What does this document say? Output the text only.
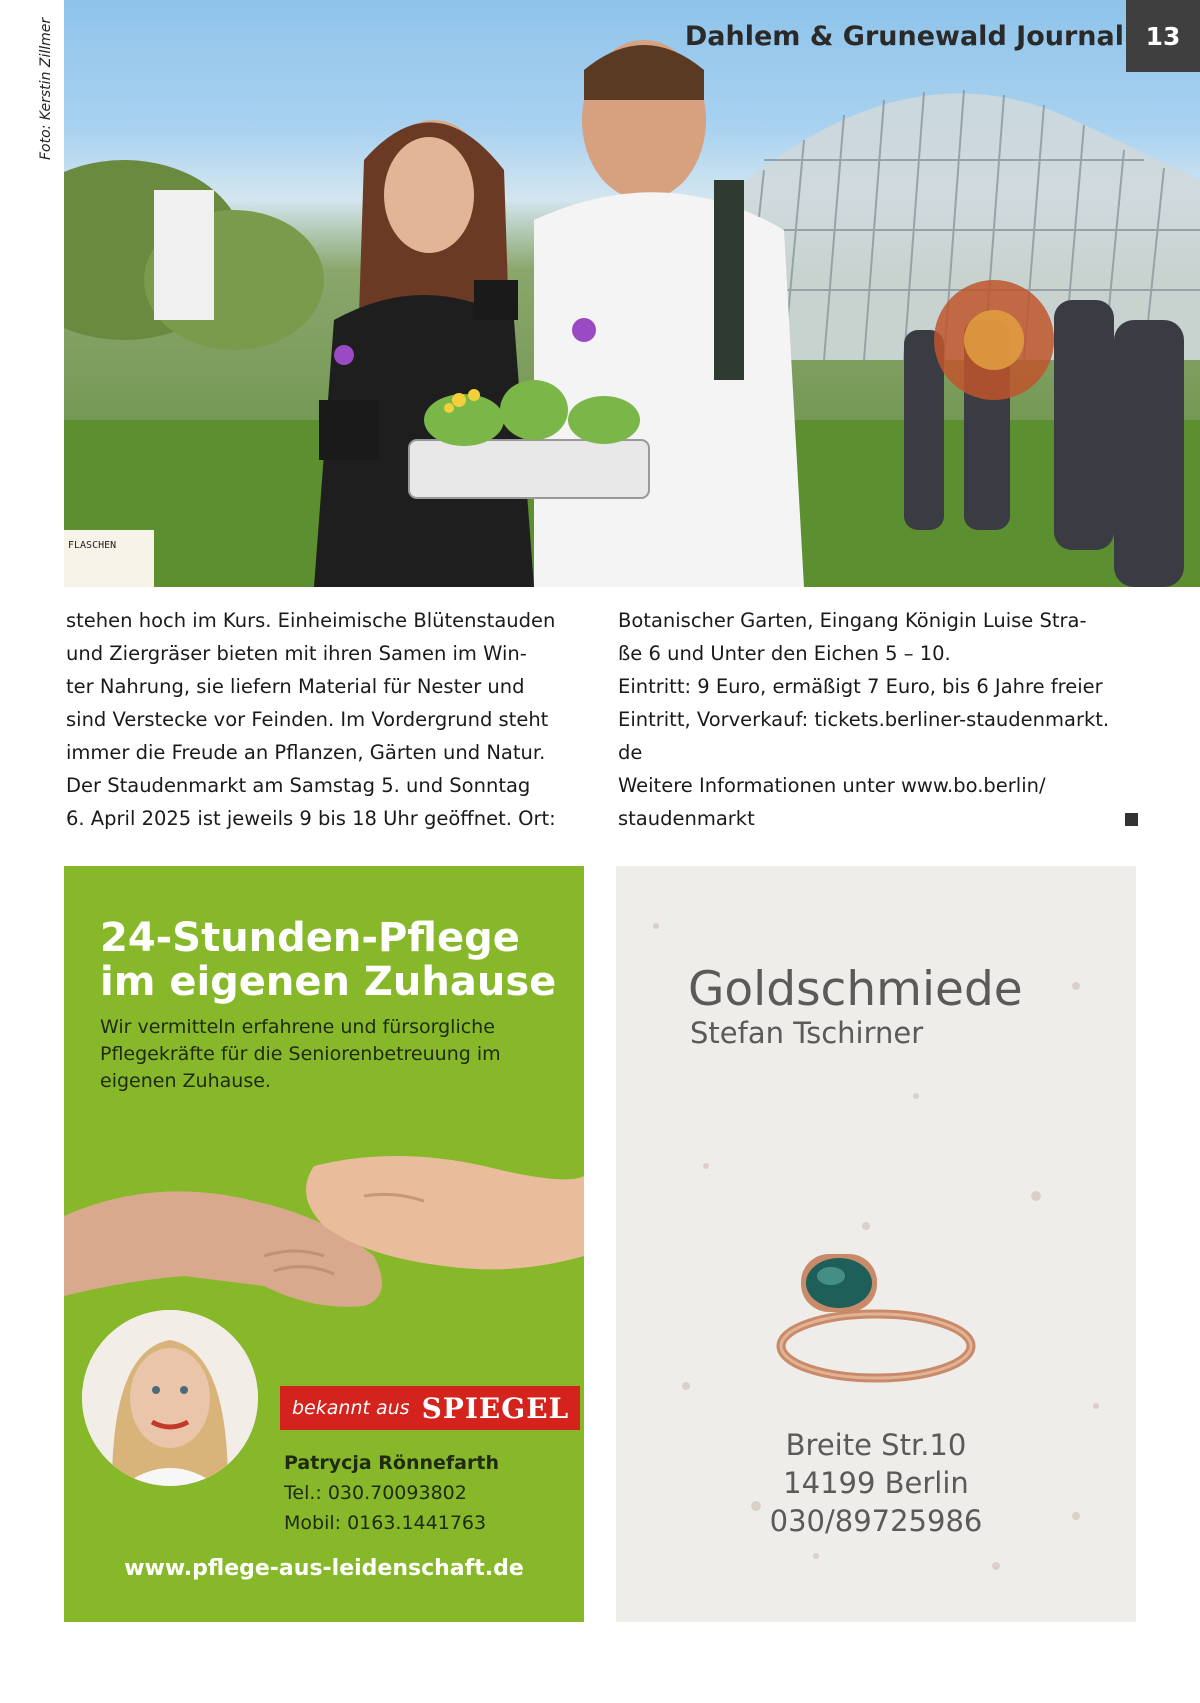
FLASCHEN
Foto: Kerstin Zillmer	Dahlem & Grunewald Journal 13
stehen hoch im Kurs. Einheimische Blütenstauden
und Ziergräser bieten mit ihren Samen im Win-
ter Nahrung, sie liefern Material für Nester und
sind Verstecke vor Feinden. Im Vordergrund steht
immer die Freude an Pflanzen, Gärten und Natur.
Der Staudenmarkt am Samstag 5. und Sonntag
6. April 2025 ist jeweils 9 bis 18 Uhr geöffnet. Ort:
Botanischer Garten, Eingang Königin Luise Stra-
ße 6 und Unter den Eichen 5 – 10.
Eintritt: 9 Euro, ermäßigt 7 Euro, bis 6 Jahre freier
Eintritt, Vorverkauf: tickets.berliner-staudenmarkt.
de
Weitere Informationen unter www.bo.berlin/
staudenmarkt
24-Stunden-Pflege
im eigenen Zuhause
Wir vermitteln erfahrene und fürsorgliche Pflegekräfte für die Seniorenbetreuung im eigenen Zuhause.
bekannt aus SPIEGEL
Patrycja Rönnefarth
Tel.: 030.70093802
Mobil: 0163.1441763
www.pflege-aus-leidenschaft.de
Goldschmiede
Stefan Tschirner
Breite Str.10
14199 Berlin
030/89725986
